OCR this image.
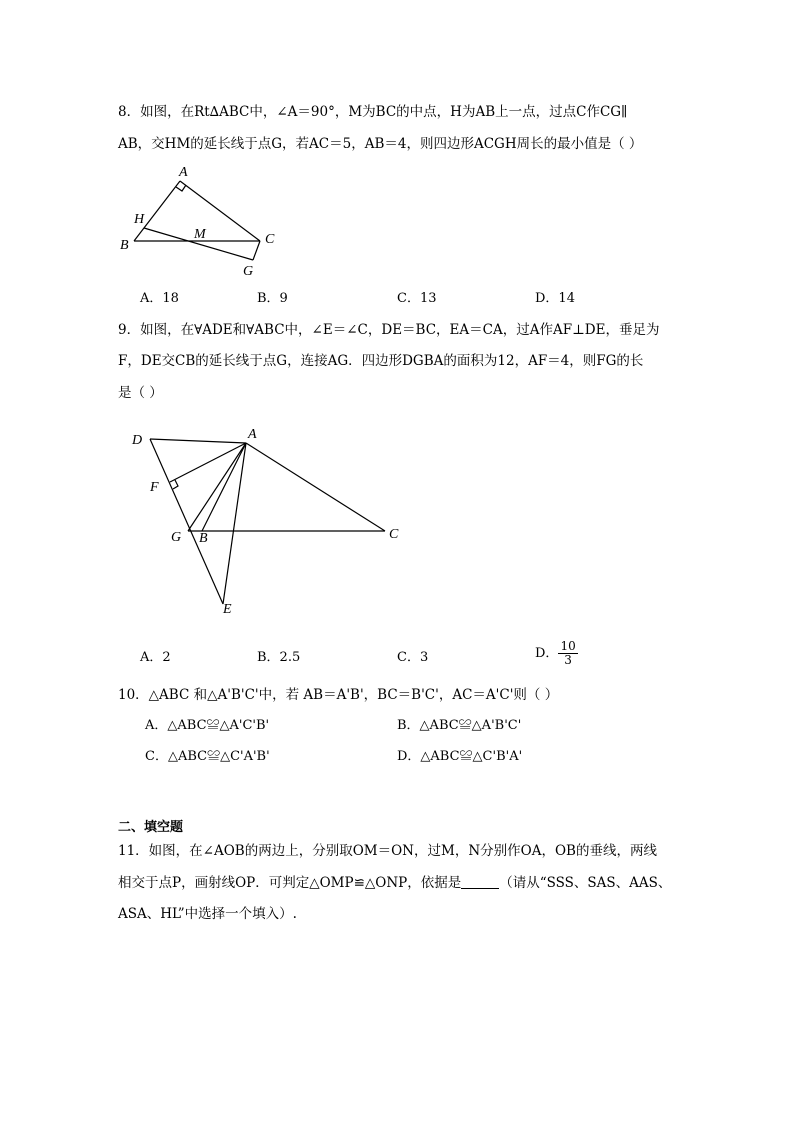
8．如图，在Rt∆ABC中，∠A＝90°，M为BC的中点，H为AB上一点，过点C作CG∥
AB，交HM的延长线于点G，若AC＝5，AB＝4，则四边形ACGH周长的最小值是（ ）
A
H
M
B	C
G
A．18	B．9	C．13	D．14
9．如图，在∀ADE和∀ABC中，∠E＝∠C，DE＝BC，EA＝CA，过A作AF⊥DE，垂足为
F，DE交CB的延长线于点G，连接AG．四边形DGBA的面积为12，AF＝4，则FG的长
是（ ）
D	A
F
G B	C
E
A．2	B．2.5	C．3	D． $\frac{10}{3}$
10．△ABC 和△A'B'C'中，若 AB＝A'B'，BC＝B'C'，AC＝A'C'则（ ）
A．△ABC≌△A'C'B'	B．△ABC≌△A'B'C'
C．△ABC≌△C'A'B'	D．△ABC≌△C'B'A'
二、填空题
11．如图，在∠AOB的两边上，分别取OM＝ON，过M，N分别作OA，OB的垂线，两线
相交于点P，画射线OP．可判定△OMP≌△ONP，依据是	（请从“SSS、SAS、AAS、
ASA、HL”中选择一个填入）.
